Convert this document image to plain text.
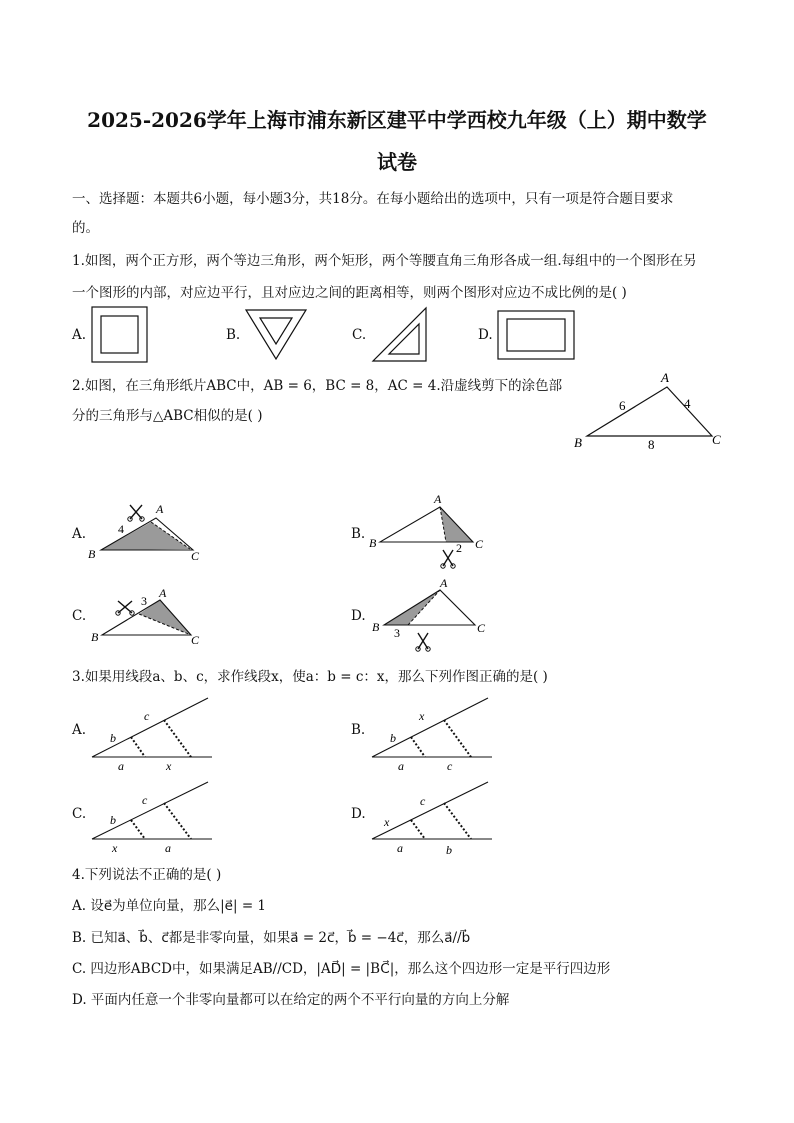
2025-2026学年上海市浦东新区建平中学西校九年级（上）期中数学
试卷
一、选择题：本题共6小题，每小题3分，共18分。在每小题给出的选项中，只有一项是符合题目要求
的。
1.如图，两个正方形，两个等边三角形，两个矩形，两个等腰直角三角形各成一组.每组中的一个图形在另
一个图形的内部，对应边平行，且对应边之间的距离相等，则两个图形对应边不成比例的是( )
A.	B.	C.	D.
2.如图，在三角形纸片ABC中，AB = 6，BC = 8，AC = 4.沿虚线剪下的涂色部
分的三角形与△ABC相似的是( )
A
B	C
6	4
8
A.	4
A
B	C
B.
A
B	C
2
C.
3
A
B	C
D.
A
B	C
3
3.如果用线段a、b、c，求作线段x，使a：b = c：x，那么下列作图正确的是( )
A. b
c
a	x
B. b
x
a	c
C. b
c
x	a
D. x
c
a	b
4.下列说法不正确的是( )
A. 设e⃗为单位向量，那么|e⃗| = 1
B. 已知a⃗、b⃗、c⃗都是非零向量，如果a⃗ = 2c⃗，b⃗ = −4c⃗，那么a⃗//b⃗
C. 四边形ABCD中，如果满足AB//CD，|AD⃗| = |BC⃗|，那么这个四边形一定是平行四边形
D. 平面内任意一个非零向量都可以在给定的两个不平行向量的方向上分解
